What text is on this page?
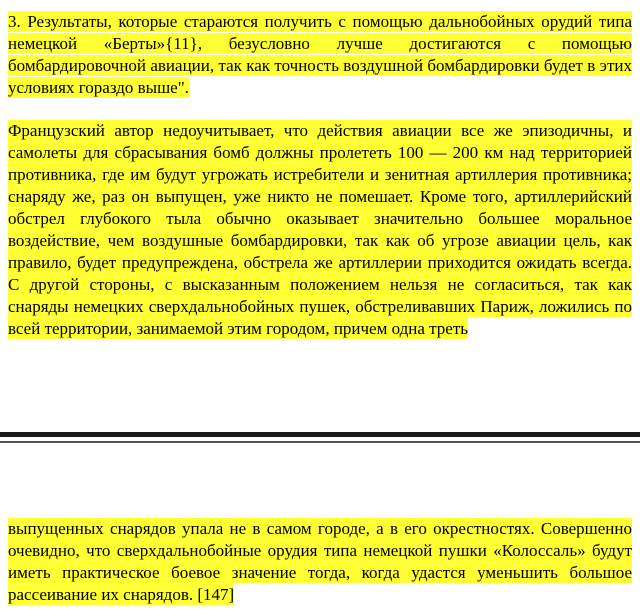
3. Результаты, которые стараются получить с помощью дальнобойных орудий типа немецкой «Берты»{11}, безусловно лучше достигаются с помощью бомбардировочной авиации, так как точность воздушной бомбардировки будет в этих условиях гораздо выше".

Французский автор недоучитывает, что действия авиации все же эпизодичны, и самолеты для сбрасывания бомб должны пролететь 100 — 200 км над территорией противника, где им будут угрожать истребители и зенитная артиллерия противника; снаряду же, раз он выпущен, уже никто не помешает. Кроме того, артиллерийский обстрел глубокого тыла обычно оказывает значительно большее моральное воздействие, чем воздушные бомбардировки, так как об угрозе авиации цель, как правило, будет предупреждена, обстрела же артиллерии приходится ожидать всегда. С другой стороны, с высказанным положением нельзя не согласиться, так как снаряды немецких сверхдальнобойных пушек, обстреливавших Париж, ложились по всей территории, занимаемой этим городом, причем одна треть

выпущенных снарядов упала не в самом городе, а в его окрестностях. Совершенно очевидно, что сверхдальнобойные орудия типа немецкой пушки «Колоссаль» будут иметь практическое боевое значение тогда, когда удастся уменьшить большое рассеивание их снарядов. [147]
